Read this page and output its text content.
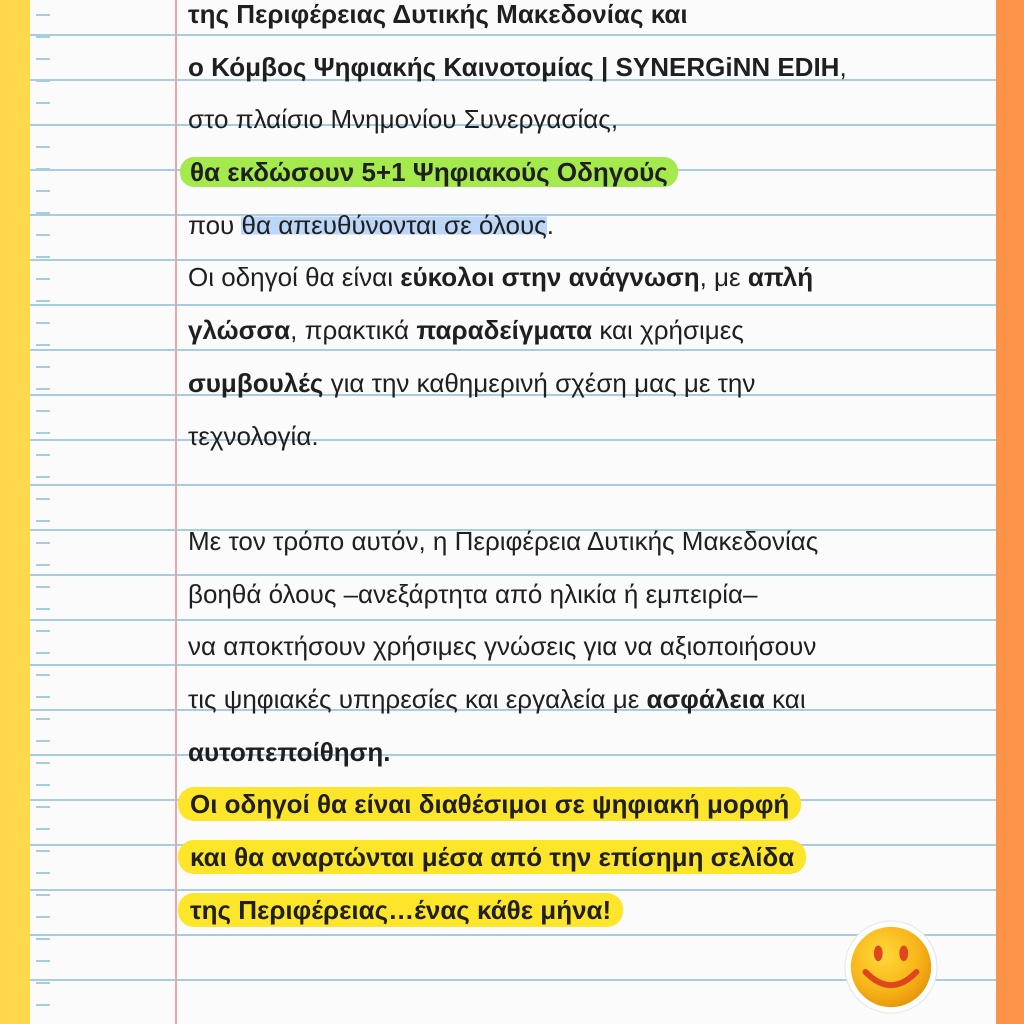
της Περιφέρειας Δυτικής Μακεδονίας και
ο Κόμβος Ψηφιακής Καινοτομίας | SYNERGiNN EDIH,
στο πλαίσιο Μνημονίου Συνεργασίας,
θα εκδώσουν 5+1 Ψηφιακούς Οδηγούς
που θα απευθύνονται σε όλους.
Οι οδηγοί θα είναι εύκολοι στην ανάγνωση, με απλή
γλώσσα, πρακτικά παραδείγματα και χρήσιμες
συμβουλές για την καθημερινή σχέση μας με την
τεχνολογία.
Με τον τρόπο αυτόν, η Περιφέρεια Δυτικής Μακεδονίας
βοηθά όλους –ανεξάρτητα από ηλικία ή εμπειρία–
να αποκτήσουν χρήσιμες γνώσεις για να αξιοποιήσουν
τις ψηφιακές υπηρεσίες και εργαλεία με ασφάλεια και
αυτοπεποίθηση.
Οι οδηγοί θα είναι διαθέσιμοι σε ψηφιακή μορφή
και θα αναρτώνται μέσα από την επίσημη σελίδα
της Περιφέρειας…ένας κάθε μήνα!
